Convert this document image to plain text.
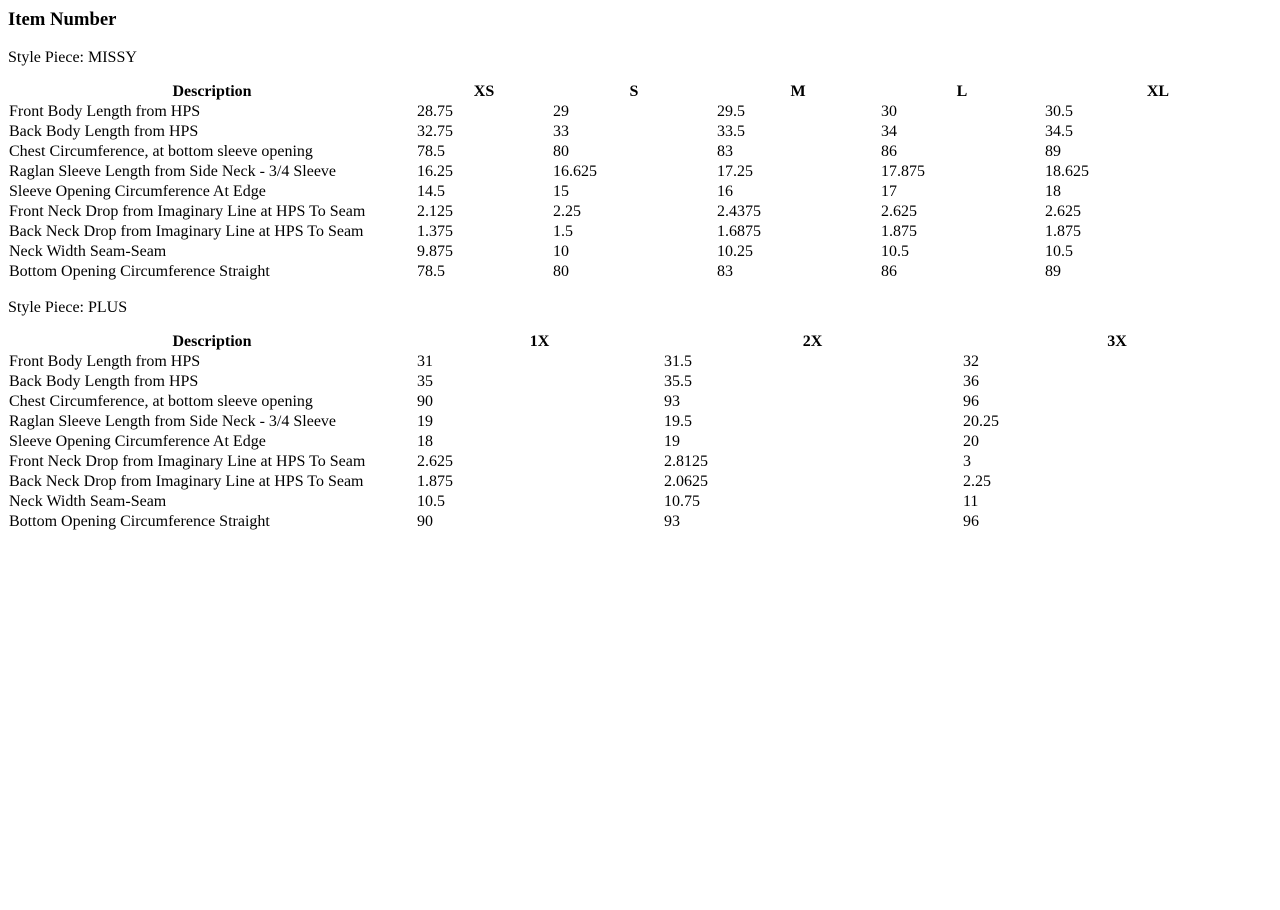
Item Number

Style Piece: MISSY

Description	XS	S	M	L	XL
Front Body Length from HPS	28.75	29	29.5	30	30.5
Back Body Length from HPS	32.75	33	33.5	34	34.5
Chest Circumference, at bottom sleeve opening	78.5	80	83	86	89
Raglan Sleeve Length from Side Neck - 3/4 Sleeve	16.25	16.625	17.25	17.875	18.625
Sleeve Opening Circumference At Edge	14.5	15	16	17	18
Front Neck Drop from Imaginary Line at HPS To Seam	2.125	2.25	2.4375	2.625	2.625
Back Neck Drop from Imaginary Line at HPS To Seam	1.375	1.5	1.6875	1.875	1.875
Neck Width Seam-Seam	9.875	10	10.25	10.5	10.5
Bottom Opening Circumference Straight	78.5	80	83	86	89

Style Piece: PLUS

Description	1X	2X	3X
Front Body Length from HPS	31	31.5	32
Back Body Length from HPS	35	35.5	36
Chest Circumference, at bottom sleeve opening	90	93	96
Raglan Sleeve Length from Side Neck - 3/4 Sleeve	19	19.5	20.25
Sleeve Opening Circumference At Edge	18	19	20
Front Neck Drop from Imaginary Line at HPS To Seam	2.625	2.8125	3
Back Neck Drop from Imaginary Line at HPS To Seam	1.875	2.0625	2.25
Neck Width Seam-Seam	10.5	10.75	11
Bottom Opening Circumference Straight	90	93	96
